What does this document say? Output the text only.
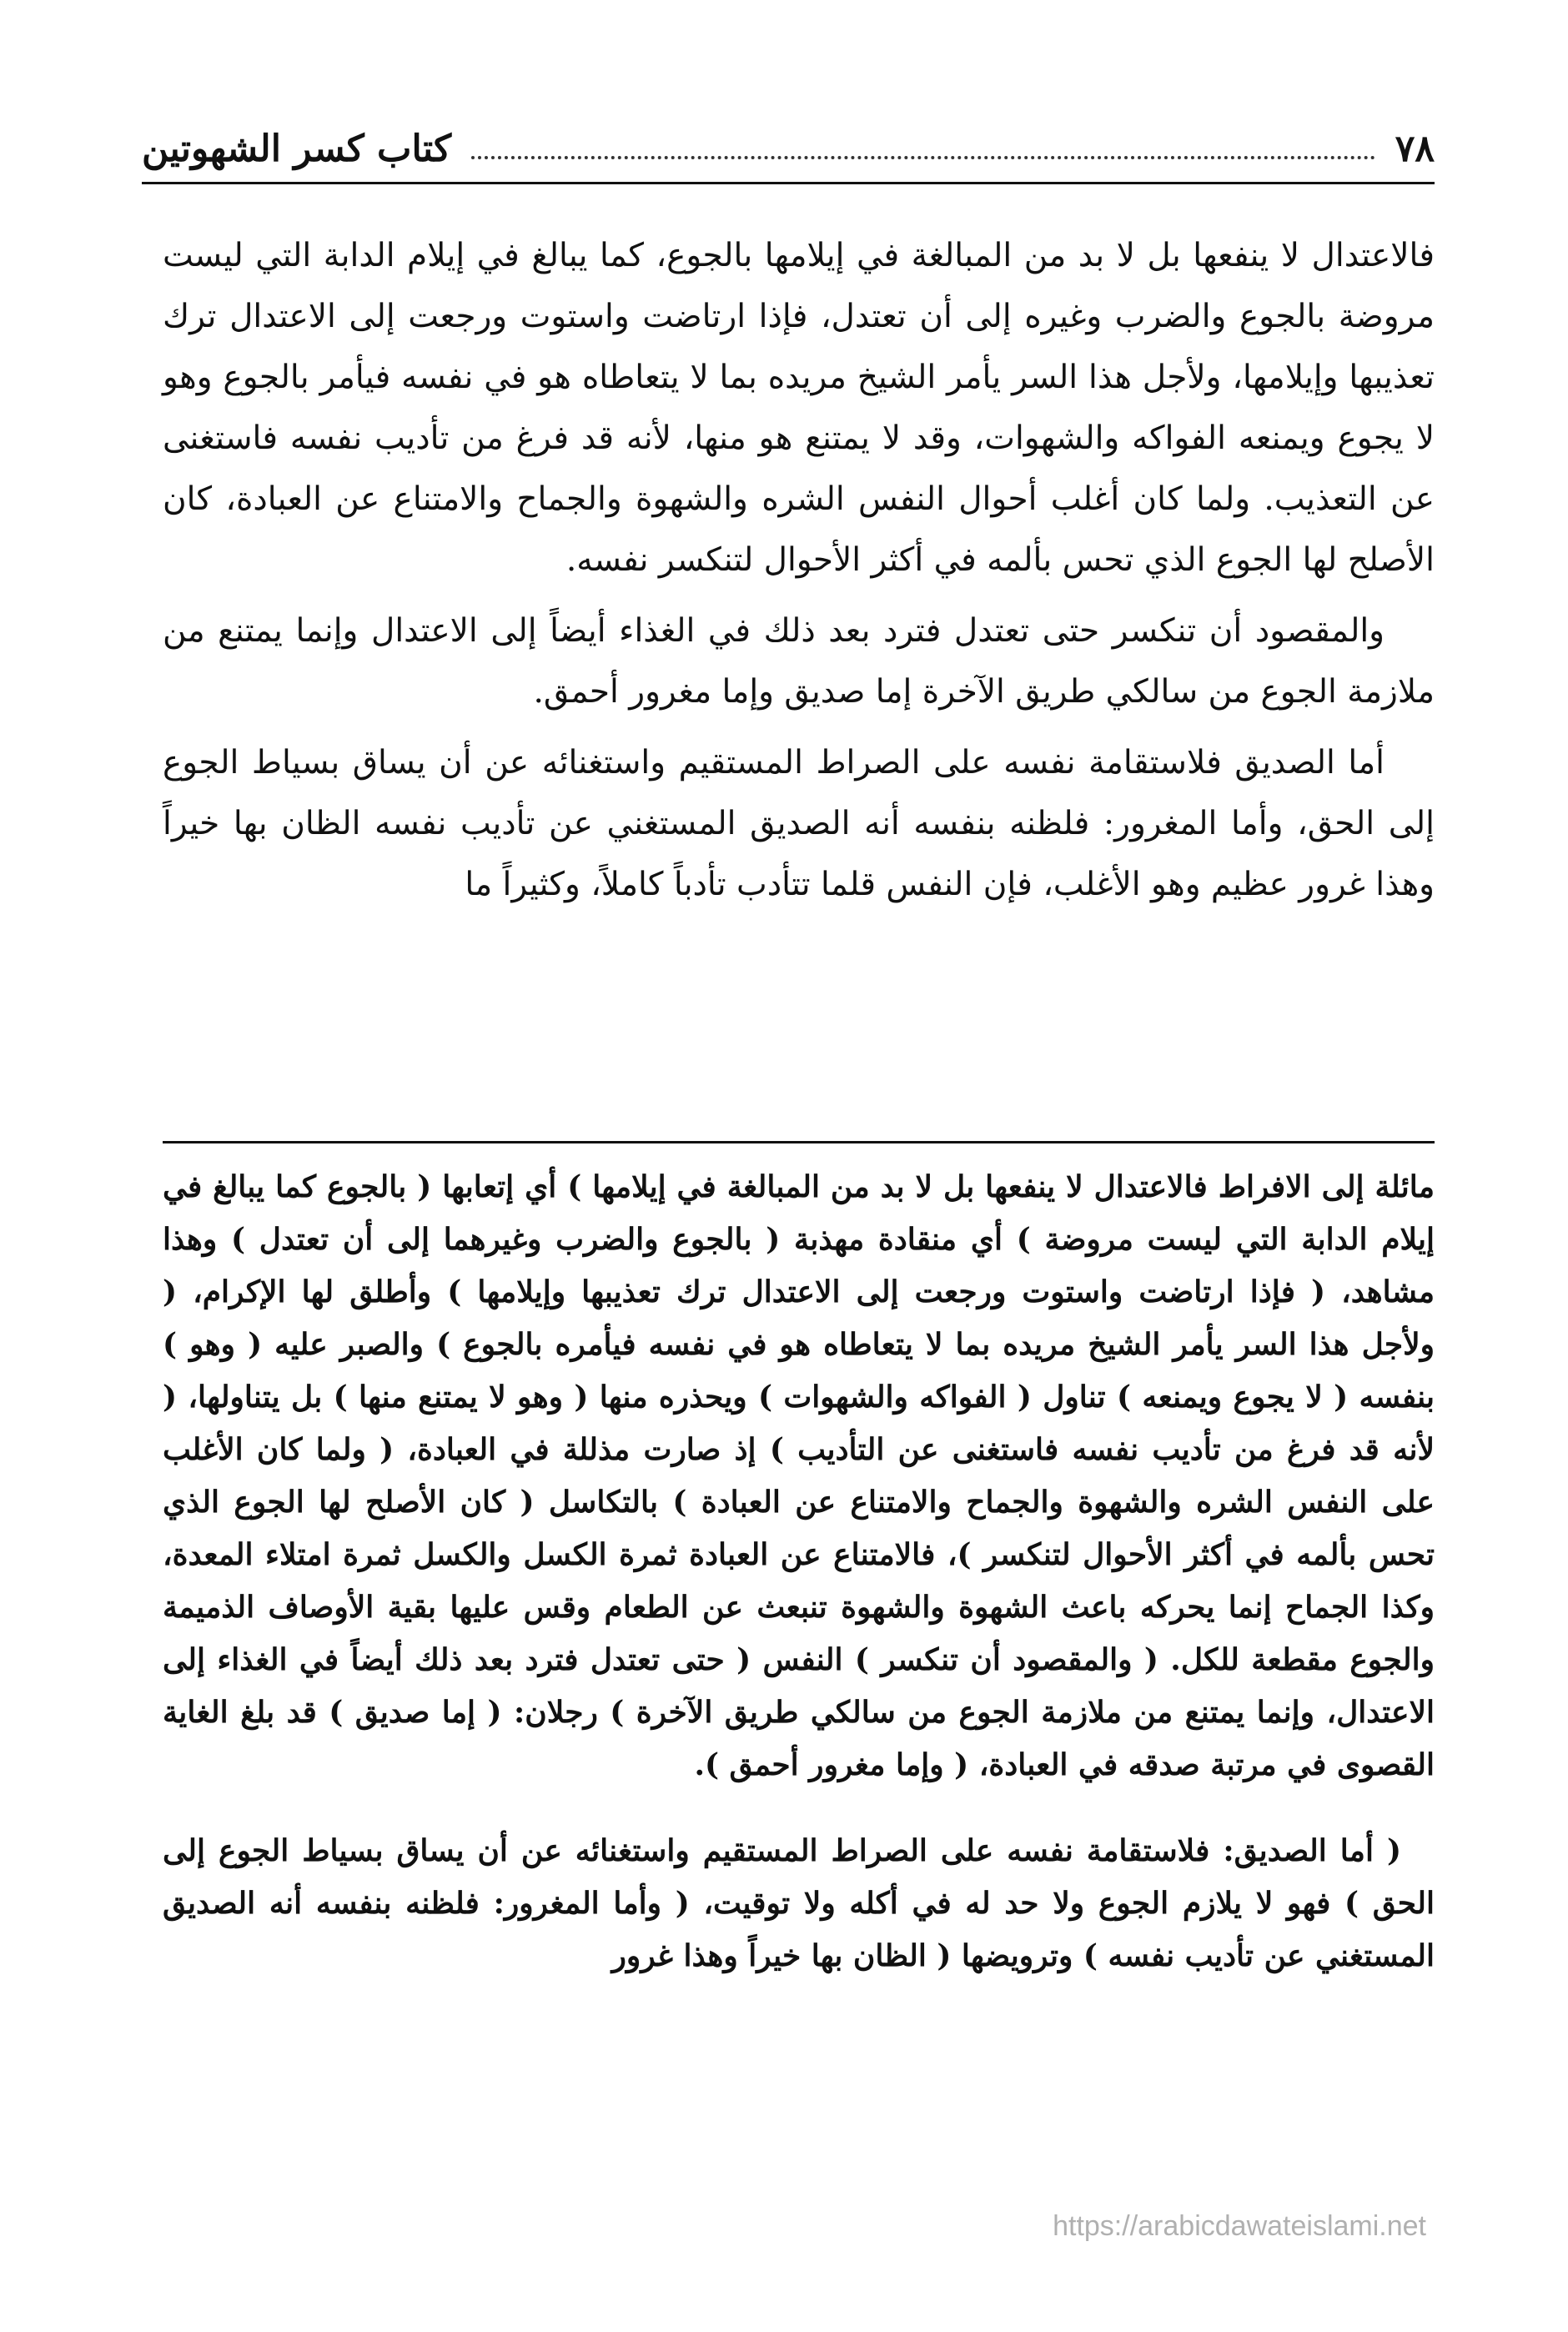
٧٨
كتاب كسر الشهوتين

فالاعتدال لا ينفعها بل لا بد من المبالغة في إيلامها بالجوع، كما يبالغ في إيلام الدابة التي ليست مروضة بالجوع والضرب وغيره إلى أن تعتدل، فإذا ارتاضت واستوت ورجعت إلى الاعتدال ترك تعذيبها وإيلامها، ولأجل هذا السر يأمر الشيخ مريده بما لا يتعاطاه هو في نفسه فيأمر بالجوع وهو لا يجوع ويمنعه الفواكه والشهوات، وقد لا يمتنع هو منها، لأنه قد فرغ من تأديب نفسه فاستغنى عن التعذيب. ولما كان أغلب أحوال النفس الشره والشهوة والجماح والامتناع عن العبادة، كان الأصلح لها الجوع الذي تحس بألمه في أكثر الأحوال لتنكسر نفسه.

والمقصود أن تنكسر حتى تعتدل فترد بعد ذلك في الغذاء أيضاً إلى الاعتدال وإنما يمتنع من ملازمة الجوع من سالكي طريق الآخرة إما صديق وإما مغرور أحمق.

أما الصديق فلاستقامة نفسه على الصراط المستقيم واستغنائه عن أن يساق بسياط الجوع إلى الحق، وأما المغرور: فلظنه بنفسه أنه الصديق المستغني عن تأديب نفسه الظان بها خيراً وهذا غرور عظيم وهو الأغلب، فإن النفس قلما تتأدب تأدباً كاملاً، وكثيراً ما

مائلة إلى الافراط فالاعتدال لا ينفعها بل لا بد من المبالغة في إيلامها ) أي إتعابها ( بالجوع كما يبالغ في إيلام الدابة التي ليست مروضة ) أي منقادة مهذبة ( بالجوع والضرب وغيرهما إلى أن تعتدل ) وهذا مشاهد، ( فإذا ارتاضت واستوت ورجعت إلى الاعتدال ترك تعذيبها وإيلامها ) وأطلق لها الإكرام، ( ولأجل هذا السر يأمر الشيخ مريده بما لا يتعاطاه هو في نفسه فيأمره بالجوع ) والصبر عليه ( وهو ) بنفسه ( لا يجوع ويمنعه ) تناول ( الفواكه والشهوات ) ويحذره منها ( وهو لا يمتنع منها ) بل يتناولها، ( لأنه قد فرغ من تأديب نفسه فاستغنى عن التأديب ) إذ صارت مذللة في العبادة، ( ولما كان الأغلب على النفس الشره والشهوة والجماح والامتناع عن العبادة ) بالتكاسل ( كان الأصلح لها الجوع الذي تحس بألمه في أكثر الأحوال لتنكسر )، فالامتناع عن العبادة ثمرة الكسل والكسل ثمرة امتلاء المعدة، وكذا الجماح إنما يحركه باعث الشهوة والشهوة تنبعث عن الطعام وقس عليها بقية الأوصاف الذميمة والجوع مقطعة للكل. ( والمقصود أن تنكسر ) النفس ( حتى تعتدل فترد بعد ذلك أيضاً في الغذاء إلى الاعتدال، وإنما يمتنع من ملازمة الجوع من سالكي طريق الآخرة ) رجلان: ( إما صديق ) قد بلغ الغاية القصوى في مرتبة صدقه في العبادة، ( وإما مغرور أحمق ).

( أما الصديق: فلاستقامة نفسه على الصراط المستقيم واستغنائه عن أن يساق بسياط الجوع إلى الحق ) فهو لا يلازم الجوع ولا حد له في أكله ولا توقيت، ( وأما المغرور: فلظنه بنفسه أنه الصديق المستغني عن تأديب نفسه ) وترويضها ( الظان بها خيراً وهذا غرور

https://arabicdawateislami.net
